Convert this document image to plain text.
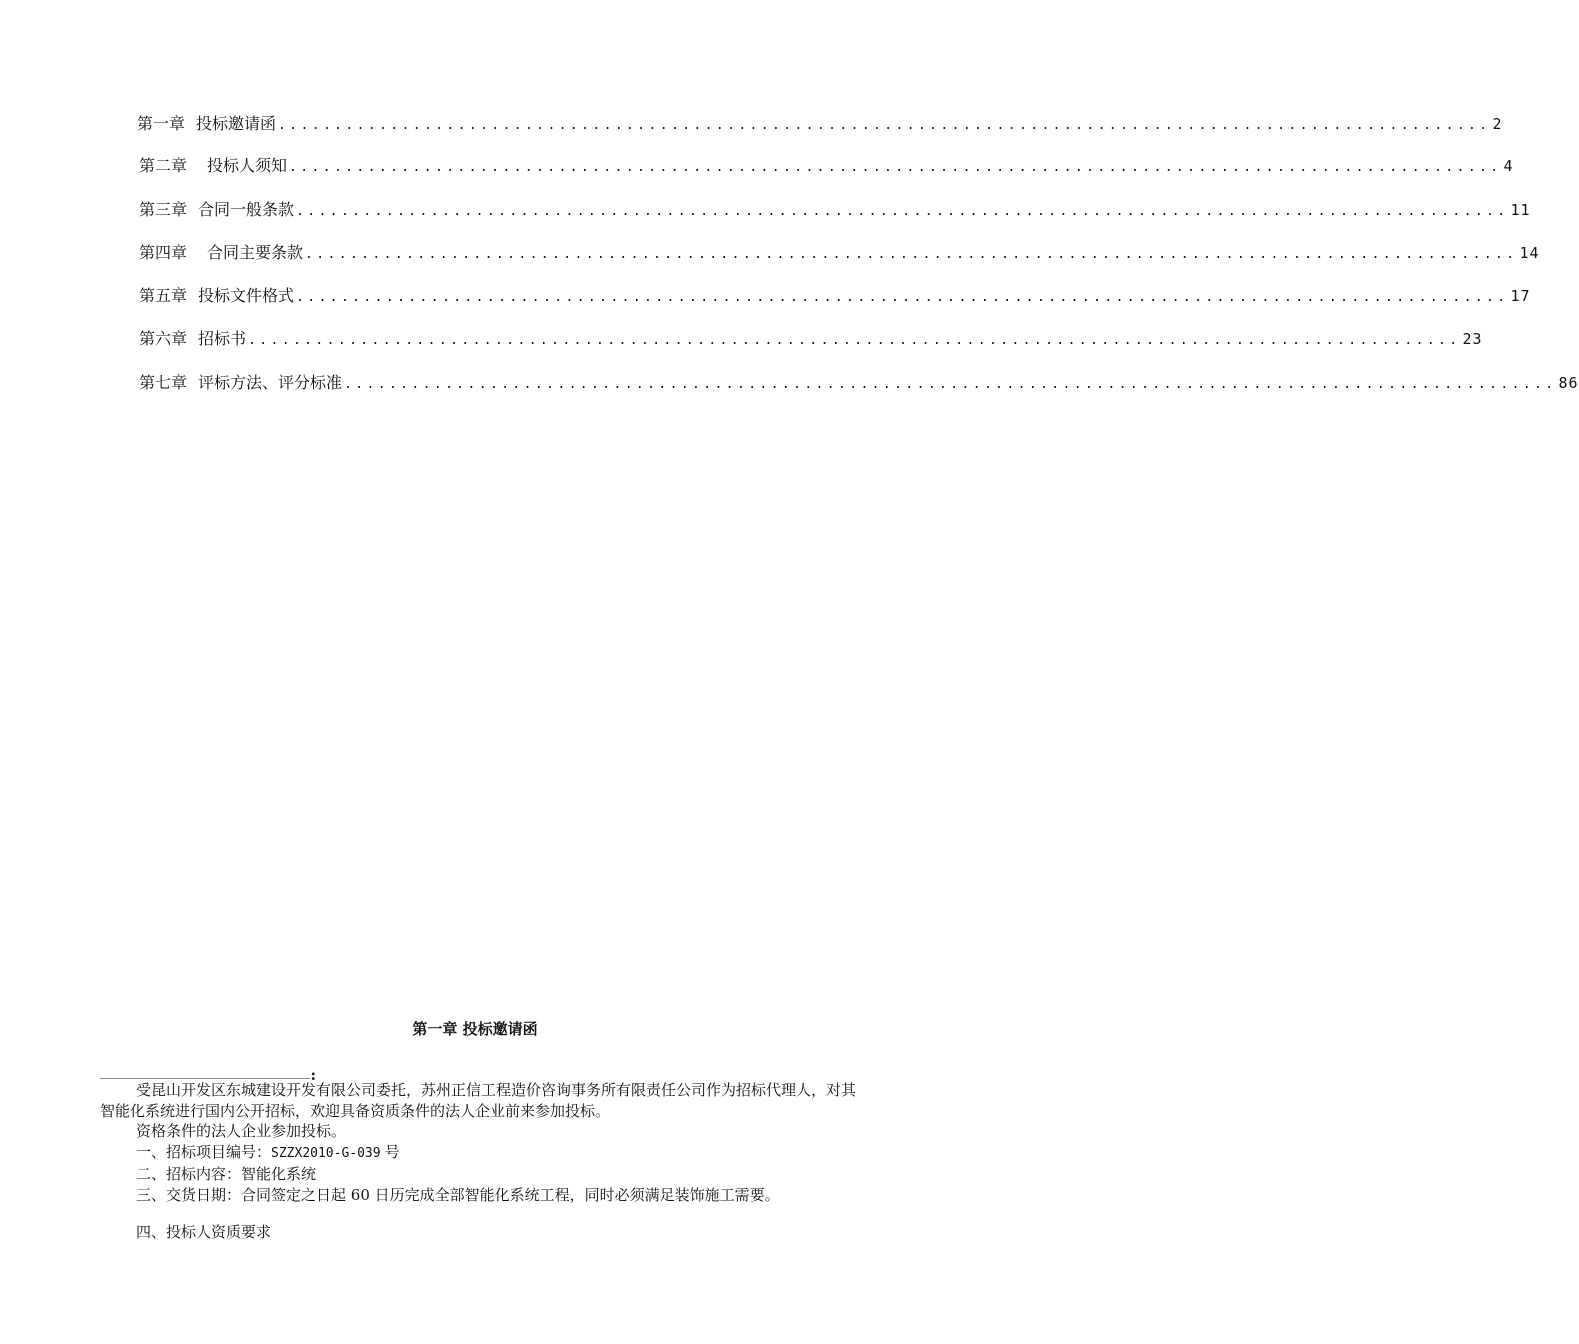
第一章 投标邀请函 ............................................................................................................ 2
第二章 投标人须知 ............................................................................................................ 4
第三章 合同一般条款 ............................................................................................................ 11
第四章 合同主要条款 ............................................................................................................ 14
第五章 投标文件格式 ............................................................................................................ 17
第六章 招标书 ............................................................................................................ 23
第七章 评标方法、评分标准 ............................................................................................................ 86
第一章 投标邀请函
:

受昆山开发区东城建设开发有限公司委托，苏州正信工程造价咨询事务所有限责任公司作为招标代理人，对其智能化系统进行国内公开招标，欢迎具备资质条件的法人企业前来参加投标。

资格条件的法人企业参加投标。

一、招标项目编号：SZZX2010-G-039 号

二、招标内容：智能化系统

三、交货日期：合同签定之日起 60 日历完成全部智能化系统工程，同时必须满足装饰施工需要。

四、投标人资质要求
